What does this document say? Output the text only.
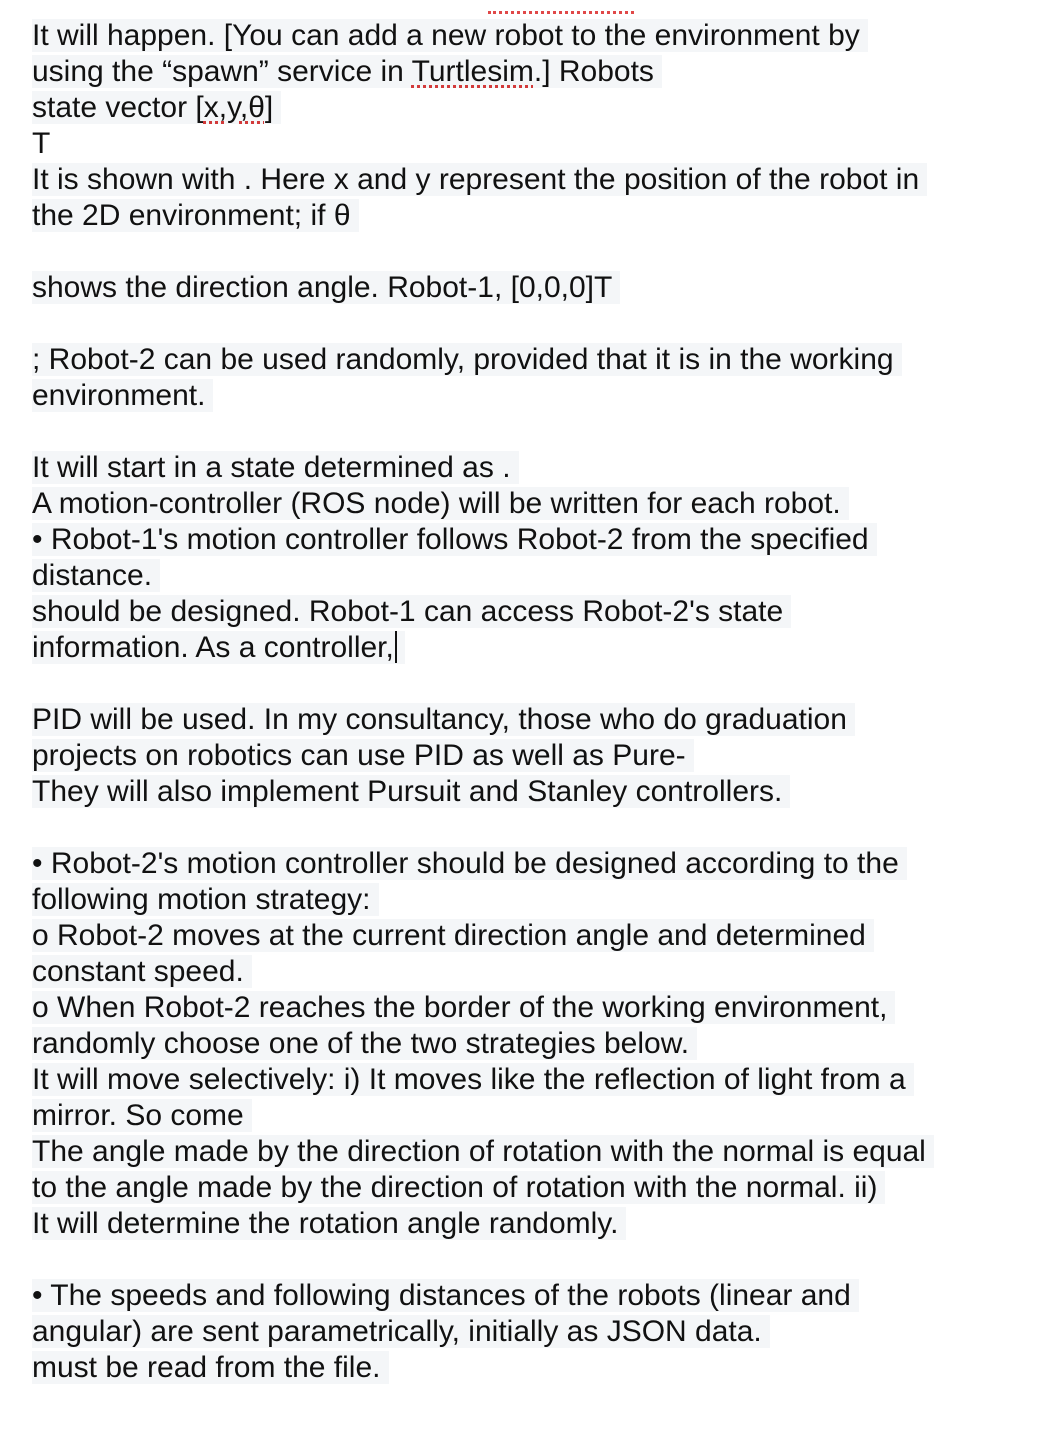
It will happen. [You can add a new robot to the environment by
using the “spawn” service in Turtlesim.] Robots
state vector [x,y,θ]
T
It is shown with . Here x and y represent the position of the robot in
the 2D environment; if θ
shows the direction angle. Robot-1, [0,0,0]T
; Robot-2 can be used randomly, provided that it is in the working
environment.
It will start in a state determined as .
A motion-controller (ROS node) will be written for each robot.
• Robot-1's motion controller follows Robot-2 from the specified
distance.
should be designed. Robot-1 can access Robot-2's state
information. As a controller,
PID will be used. In my consultancy, those who do graduation
projects on robotics can use PID as well as Pure-
They will also implement Pursuit and Stanley controllers.
• Robot-2's motion controller should be designed according to the
following motion strategy:
o Robot-2 moves at the current direction angle and determined
constant speed.
o When Robot-2 reaches the border of the working environment,
randomly choose one of the two strategies below.
It will move selectively: i) It moves like the reflection of light from a
mirror. So come
The angle made by the direction of rotation with the normal is equal
to the angle made by the direction of rotation with the normal. ii)
It will determine the rotation angle randomly.
• The speeds and following distances of the robots (linear and
angular) are sent parametrically, initially as JSON data.
must be read from the file.
